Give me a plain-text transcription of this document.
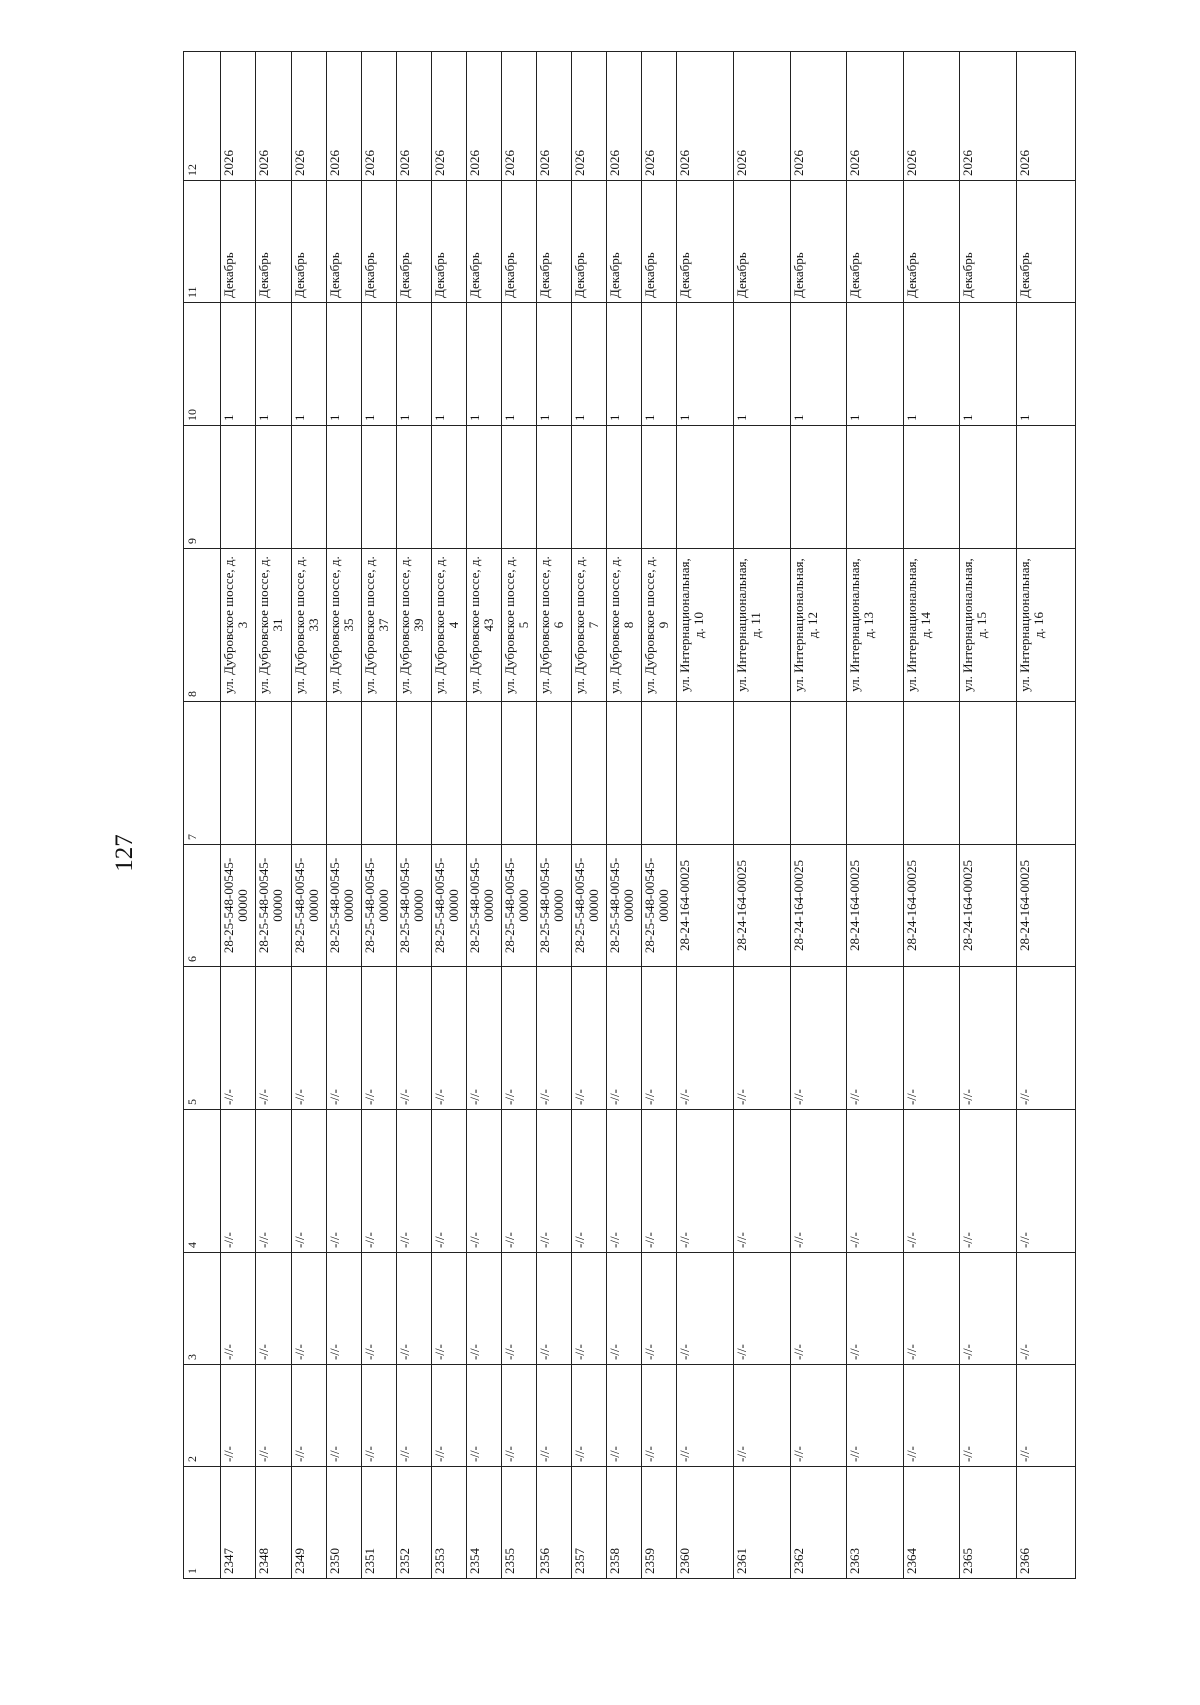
127
1	2	3	4	5	6	7	8	9	10	11	12
2347	-//-	-//-	-//-	-//-	28-25-548-00545-00000		ул. Дубровское шоссе, д. 3		1	Декабрь	2026
2348	-//-	-//-	-//-	-//-	28-25-548-00545-00000		ул. Дубровское шоссе, д. 31		1	Декабрь	2026
2349	-//-	-//-	-//-	-//-	28-25-548-00545-00000		ул. Дубровское шоссе, д. 33		1	Декабрь	2026
2350	-//-	-//-	-//-	-//-	28-25-548-00545-00000		ул. Дубровское шоссе, д. 35		1	Декабрь	2026
2351	-//-	-//-	-//-	-//-	28-25-548-00545-00000		ул. Дубровское шоссе, д. 37		1	Декабрь	2026
2352	-//-	-//-	-//-	-//-	28-25-548-00545-00000		ул. Дубровское шоссе, д. 39		1	Декабрь	2026
2353	-//-	-//-	-//-	-//-	28-25-548-00545-00000		ул. Дубровское шоссе, д. 4		1	Декабрь	2026
2354	-//-	-//-	-//-	-//-	28-25-548-00545-00000		ул. Дубровское шоссе, д. 43		1	Декабрь	2026
2355	-//-	-//-	-//-	-//-	28-25-548-00545-00000		ул. Дубровское шоссе, д. 5		1	Декабрь	2026
2356	-//-	-//-	-//-	-//-	28-25-548-00545-00000		ул. Дубровское шоссе, д. 6		1	Декабрь	2026
2357	-//-	-//-	-//-	-//-	28-25-548-00545-00000		ул. Дубровское шоссе, д. 7		1	Декабрь	2026
2358	-//-	-//-	-//-	-//-	28-25-548-00545-00000		ул. Дубровское шоссе, д. 8		1	Декабрь	2026
2359	-//-	-//-	-//-	-//-	28-25-548-00545-00000		ул. Дубровское шоссе, д. 9		1	Декабрь	2026
2360	-//-	-//-	-//-	-//-	28-24-164-00025		ул. Интернациональная, д. 10		1	Декабрь	2026
2361	-//-	-//-	-//-	-//-	28-24-164-00025		ул. Интернациональная, д. 11		1	Декабрь	2026
2362	-//-	-//-	-//-	-//-	28-24-164-00025		ул. Интернациональная, д. 12		1	Декабрь	2026
2363	-//-	-//-	-//-	-//-	28-24-164-00025		ул. Интернациональная, д. 13		1	Декабрь	2026
2364	-//-	-//-	-//-	-//-	28-24-164-00025		ул. Интернациональная, д. 14		1	Декабрь	2026
2365	-//-	-//-	-//-	-//-	28-24-164-00025		ул. Интернациональная, д. 15		1	Декабрь	2026
2366	-//-	-//-	-//-	-//-	28-24-164-00025		ул. Интернациональная, д. 16		1	Декабрь	2026
